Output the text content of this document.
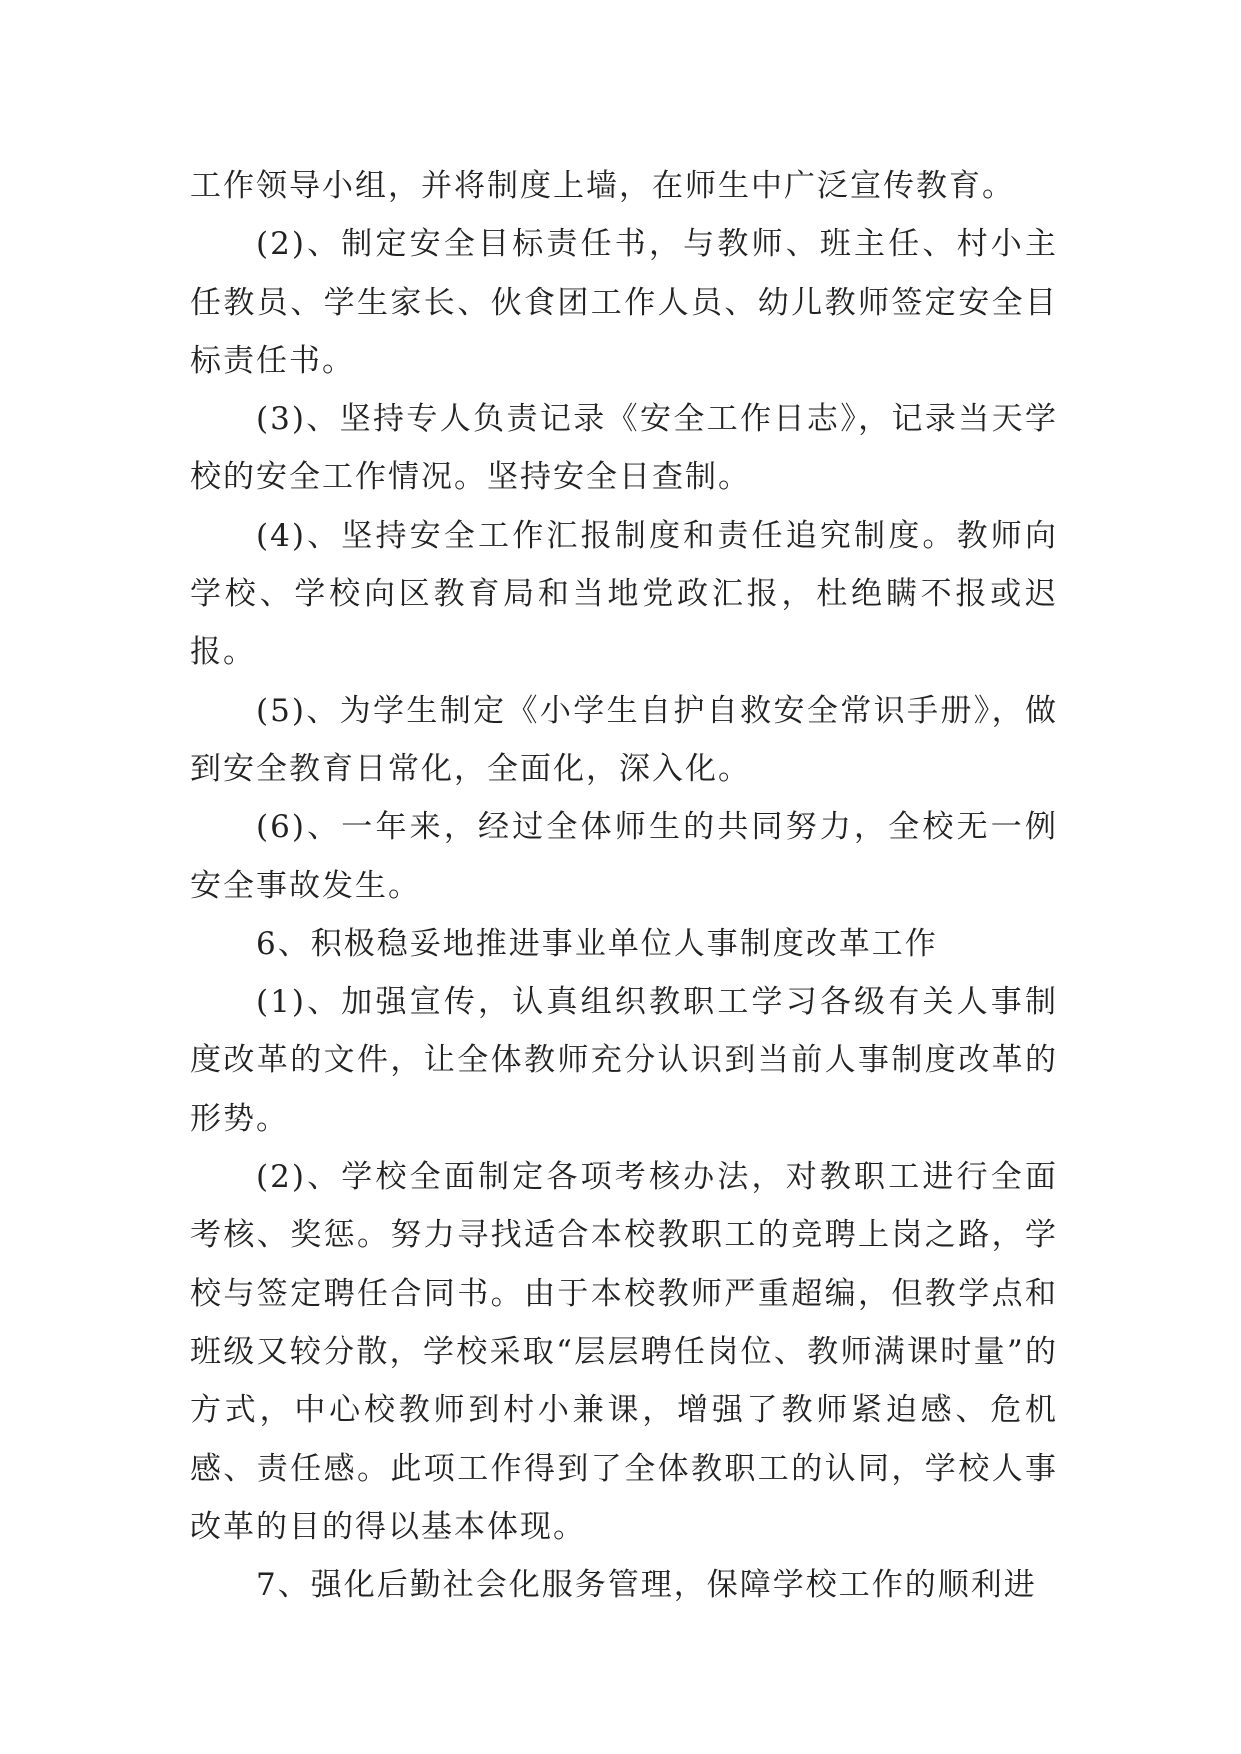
工作领导小组，并将制度上墙，在师生中广泛宣传教育。

(2)、制定安全目标责任书，与教师、班主任、村小主任教员、学生家长、伙食团工作人员、幼儿教师签定安全目标责任书。

(3)、坚持专人负责记录《安全工作日志》，记录当天学校的安全工作情况。坚持安全日查制。

(4)、坚持安全工作汇报制度和责任追究制度。教师向学校、学校向区教育局和当地党政汇报，杜绝瞒不报或迟报。

(5)、为学生制定《小学生自护自救安全常识手册》，做到安全教育日常化，全面化，深入化。

(6)、一年来，经过全体师生的共同努力，全校无一例安全事故发生。

6、积极稳妥地推进事业单位人事制度改革工作

(1)、加强宣传，认真组织教职工学习各级有关人事制度改革的文件，让全体教师充分认识到当前人事制度改革的形势。

(2)、学校全面制定各项考核办法，对教职工进行全面考核、奖惩。努力寻找适合本校教职工的竞聘上岗之路，学校与签定聘任合同书。由于本校教师严重超编，但教学点和班级又较分散，学校采取“层层聘任岗位、教师满课时量”的方式，中心校教师到村小兼课，增强了教师紧迫感、危机感、责任感。此项工作得到了全体教职工的认同，学校人事改革的目的得以基本体现。

7、强化后勤社会化服务管理，保障学校工作的顺利进
